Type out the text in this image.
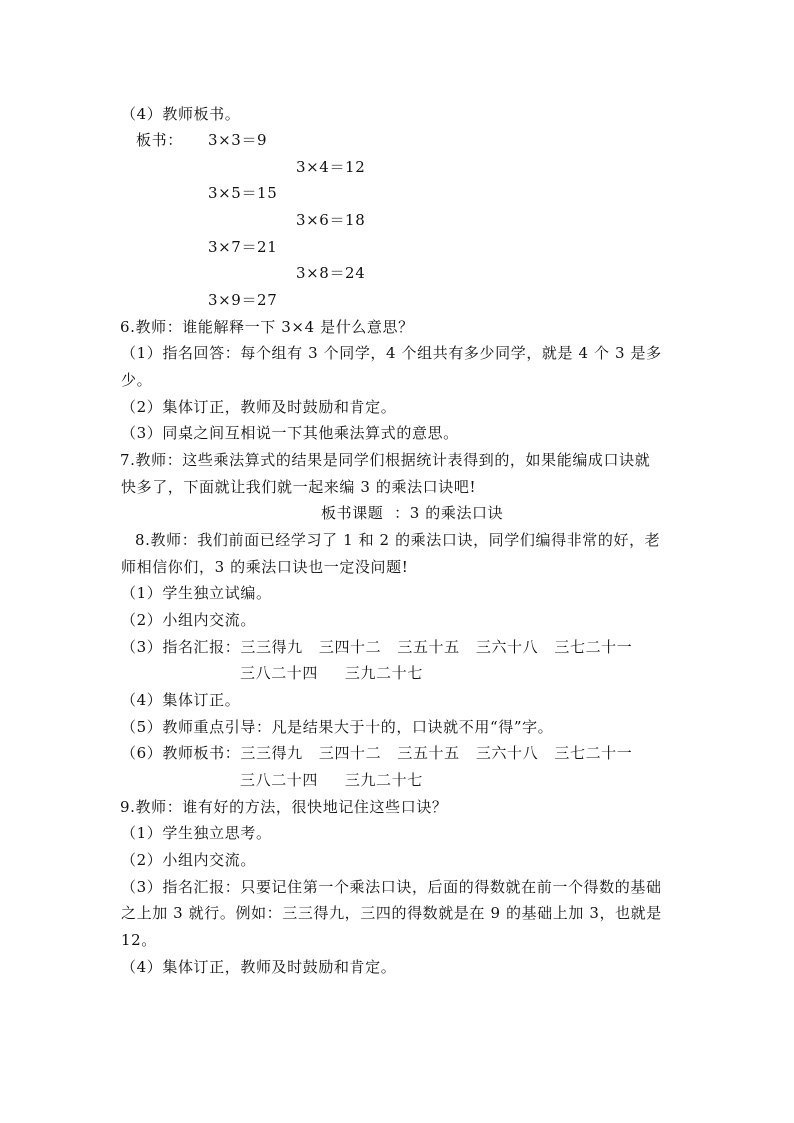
（4）教师板书。
板书： 3×3＝9
3×4＝12
3×5＝15
3×6＝18
3×7＝21
3×8＝24
3×9＝27
6.教师：谁能解释一下 3×4 是什么意思？
（1）指名回答：每个组有 3 个同学，4 个组共有多少同学，就是 4 个 3 是多
少。
（2）集体订正，教师及时鼓励和肯定。
（3）同桌之间互相说一下其他乘法算式的意思。
7.教师：这些乘法算式的结果是同学们根据统计表得到的，如果能编成口诀就
快多了，下面就让我们就一起来编 3 的乘法口诀吧!
板书课题  ：3 的乘法口诀
8.教师：我们前面已经学习了 1 和 2 的乘法口诀，同学们编得非常的好，老
师相信你们，3 的乘法口诀也一定没问题!
（1）学生独立试编。
（2）小组内交流。
（3）指名汇报：三三得九   三四十二   三五十五   三六十八   三七二十一
三八二十四     三九二十七
（4）集体订正。
（5）教师重点引导：凡是结果大于十的，口诀就不用“得”字。
（6）教师板书：三三得九   三四十二   三五十五   三六十八   三七二十一
三八二十四     三九二十七
9.教师：谁有好的方法，很快地记住这些口诀？
（1）学生独立思考。
（2）小组内交流。
（3）指名汇报：只要记住第一个乘法口诀，后面的得数就在前一个得数的基础
之上加 3 就行。例如：三三得九，三四的得数就是在 9 的基础上加 3，也就是
12。
（4）集体订正，教师及时鼓励和肯定。
